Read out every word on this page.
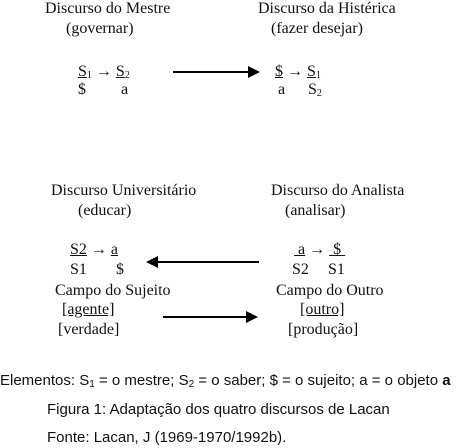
Discurso do Mestre
(governar)
$S_1 \to S_2$
$ a
Discurso da Histérica
(fazer desejar)
$ → $S_1$
a $S_2$
Discurso Universitário
(educar)
S2 → a
S1 $
Discurso do Analista
(analisar)
a → $
S2 S1
Campo do Sujeito
[agente]
[verdade]
Campo do Outro
[outro]
[produção]
Elementos: $S_1 = o$ mestre; $S_2 = o$ saber; $ = o sujeito; a = o objeto a
Figura 1: Adaptação dos quatro discursos de Lacan
Fonte: Lacan, J (1969-1970/1992b).
